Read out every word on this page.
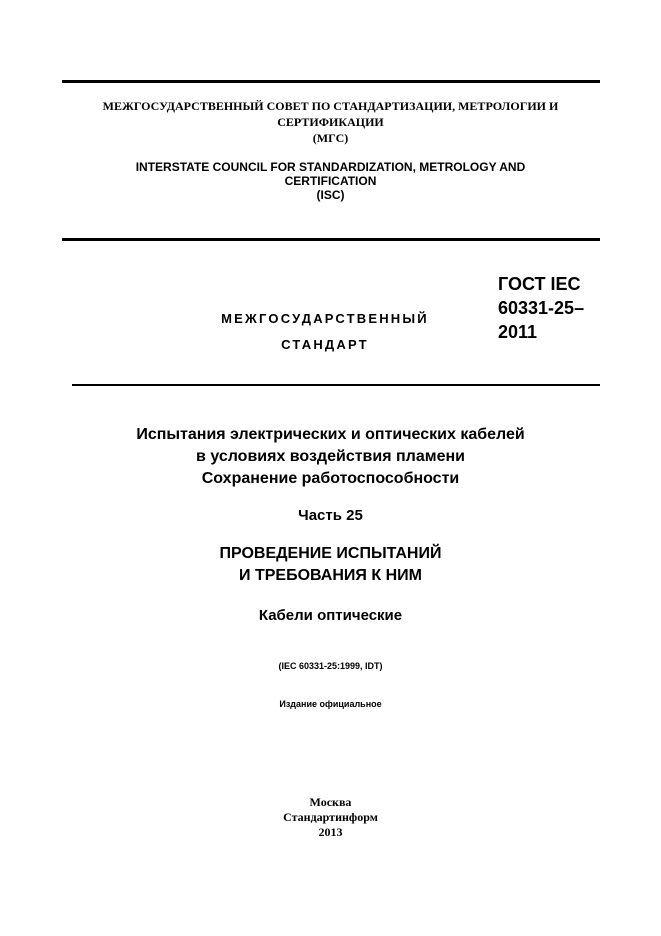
МЕЖГОСУДАРСТВЕННЫЙ СОВЕТ ПО СТАНДАРТИЗАЦИИ, МЕТРОЛОГИИ И
СЕРТИФИКАЦИИ
(МГС)
INTERSTATE COUNCIL FOR STANDARDIZATION, METROLOGY AND
CERTIFICATION
(ISC)
МЕЖГОСУДАРСТВЕННЫЙ
СТАНДАРТ
ГОСТ IEC
60331-25–
2011
Испытания электрических и оптических кабелей
в условиях воздействия пламени
Сохранение работоспособности
Часть 25
ПРОВЕДЕНИЕ ИСПЫТАНИЙ
И ТРЕБОВАНИЯ К НИМ
Кабели оптические
(IEC 60331-25:1999, IDT)
Издание официальное
Москва
Стандартинформ
2013
